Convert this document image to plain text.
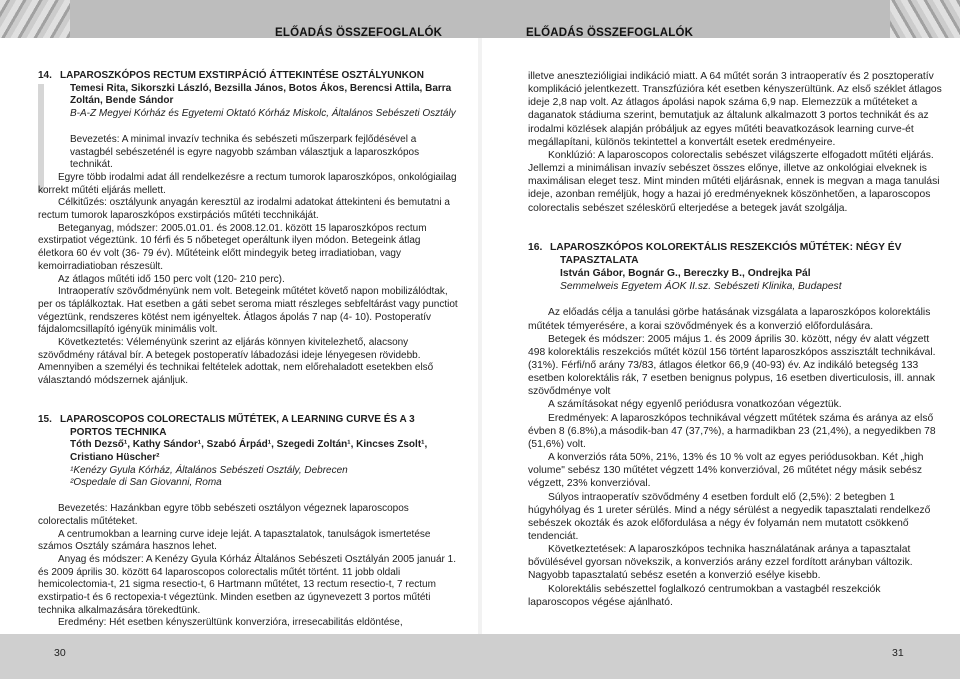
ELŐADÁS ÖSSZEFOGLALÓK	ELŐADÁS ÖSSZEFOGLALÓK

14. LAPAROSZKÓPOS RECTUM EXSTIRPÁCIÓ ÁTTEKINTÉSE OSZTÁLYUNKON

Temesi Rita, Sikorszki László, Bezsilla János, Botos Ákos, Berencsi Attila, Barra Zoltán, Bende Sándor

B-A-Z Megyei Kórház és Egyetemi Oktató Kórház Miskolc, Általános Sebészeti Osztály

Bevezetés: A minimal invazív technika és sebészeti műszerpark fejlődésével a vastagbél sebészeténél is egyre nagyobb számban választjuk a laparoszkópos technikát.

Egyre több irodalmi adat áll rendelkezésre a rectum tumorok laparoszkópos, onkológiailag korrekt műtéti eljárás mellett.

Célkitűzés: osztályunk anyagán keresztül az irodalmi adatokat áttekinteni és bemutatni a rectum tumorok laparoszkópos exstirpációs műtéti tecchnikáját.

Beteganyag, módszer: 2005.01.01. és 2008.12.01. között 15 laparoszkópos rectum exstirpatiot végeztünk. 10 férfi és 5 nőbeteget operáltunk ilyen módon. Betegeink átlag életkora 60 év volt (36- 79 év). Műtéteink előtt mindegyik beteg irradiatioban, vagy kemoirradiatioban részesült.

Az átlagos műtéti idő 150 perc volt (120- 210 perc).

Intraoperatív szövődményünk nem volt. Betegeink műtétet követő napon mobilizálódtak, per os táplálkoztak. Hat esetben a gáti sebet seroma miatt részleges sebfeltárást vagy punctiot végeztünk, rendszeres kötést nem igényeltek. Átlagos ápolás 7 nap (4- 10). Postoperatív fájdalomcsillapító igényük minimális volt.

Következtetés: Véleményünk szerint az eljárás könnyen kivitelezhető, alacsony szövődmény rátával bír. A betegek postoperatív lábadozási ideje lényegesen rövidebb. Amennyiben a személyi és technikai feltételek adottak, nem előrehaladott esetekben első választandó módszernek ajánljuk.

15. LAPAROSCOPOS COLORECTALIS MŰTÉTEK, A LEARNING CURVE ÉS A 3 PORTOS TECHNIKA

Tóth Dezső¹, Kathy Sándor¹, Szabó Árpád¹, Szegedi Zoltán¹, Kincses Zsolt¹, Cristiano Hüscher²

¹Kenézy Gyula Kórház, Általános Sebészeti Osztály, Debrecen

²Ospedale di San Giovanni, Roma

Bevezetés: Hazánkban egyre több sebészeti osztályon végeznek laparoscopos colorectalis műtéteket.

A centrumokban a learning curve ideje leját. A tapasztalatok, tanulságok ismertetése számos Osztály számára hasznos lehet.

Anyag és módszer: A Kenézy Gyula Kórház Általános Sebészeti Osztályán 2005 január 1. és 2009 április 30. között 64 laparoscopos colorectalis műtét történt. 11 jobb oldali hemicolectomia-t, 21 sigma resectio-t, 6 Hartmann műtétet, 13 rectum resectio-t, 7 rectum exstirpatio-t és 6 rectopexia-t végeztünk. Minden esetben az úgynevezett 3 portos műtéti technika alkalmazására törekedtünk.

Eredmény: Hét esetben kényszerültünk konverzióra, irresecabilitás eldöntése,

illetve anesztezióligiai indikáció miatt. A 64 műtét során 3 intraoperatív és 2 posztoperatív komplikáció jelentkezett. Transzfúzióra két esetben kényszerültünk. Az első széklet átlagos ideje 2,8 nap volt. Az átlagos ápolási napok száma 6,9 nap. Elemezzük a műtéteket a daganatok stádiuma szerint, bemutatjuk az általunk alkalmazott 3 portos technikát és az irodalmi közlések alapján próbáljuk az egyes műtéti beavatkozások learning curve-ét megállapítani, különös tekintettel a konvertált esetek eredményeire.

Konklúzió: A laparoscopos colorectalis sebészet világszerte elfogadott műtéti eljárás. Jellemzi a minimálisan invazív sebészet összes előnye, illetve az onkológiai elveknek is maximálisan eleget tesz. Mint minden műtéti eljárásnak, ennek is megvan a maga tanulási ideje, azonban reméljük, hogy a hazai jó eredményeknek köszönhetően, a laparoscopos colorectalis sebészet széleskörű elterjedése a betegek javát szolgálja.

16. LAPAROSZKÓPOS KOLOREKTÁLIS RESZEKCIÓS MŰTÉTEK: NÉGY ÉV TAPASZTALATA

István Gábor, Bognár G., Bereczky B., Ondrejka Pál

Semmelweis Egyetem ÁOK II.sz. Sebészeti Klinika, Budapest

Az előadás célja a tanulási görbe hatásának vizsgálata a laparoszkópos kolorektális műtétek témyerésére, a korai szövődmények és a konverzió előfordulására.

Betegek és módszer: 2005 május 1. és 2009 április 30. között, négy év alatt végzett 498 kolorektális reszekciós műtét közül 156 történt laparoszkópos asszisztált technikával. (31%). Férfi/nő arány 73/83, átlagos életkor 66,9 (40-93) év. Az indikáló betegség 133 esetben kolorektális rák, 7 esetben benignus polypus, 16 esetben diverticulosis, ill. annak szövődménye volt

A számításokat négy egyenlő periódusra vonatkozóan végeztük.

Eredmények: A laparoszkópos technikával végzett műtétek száma és aránya az első évben 8 (6.8%),a második-ban 47 (37,7%), a harmadikban 23 (21,4%), a negyedikben 78 (51,6%) volt.

A konverziós ráta 50%, 21%, 13% és 10 % volt az egyes periódusokban. Két „high volume" sebész 130 műtétet végzett 14% konverzióval, 26 műtétet négy másik sebész végzett, 23% konverzióval.

Súlyos intraoperatív szövődmény 4 esetben fordult elő (2,5%): 2 betegben 1 húgyhólyag és 1 ureter sérülés. Mind a négy sérülést a negyedik tapasztalati rendelkező sebészek okozták és azok előfordulása a négy év folyamán nem mutatott csökkenő tendenciát.

Következtetések: A laparoszkópos technika használatának aránya a tapasztalat bővülésével gyorsan növekszik, a konverziós arány ezzel fordított arányban változik. Nagyobb tapasztalatú sebész esetén a konverzió esélye kisebb.

Kolorektális sebészettel foglalkozó centrumokban a vastagbél reszekciók laparoscopos végése ajánlható.

30	31
